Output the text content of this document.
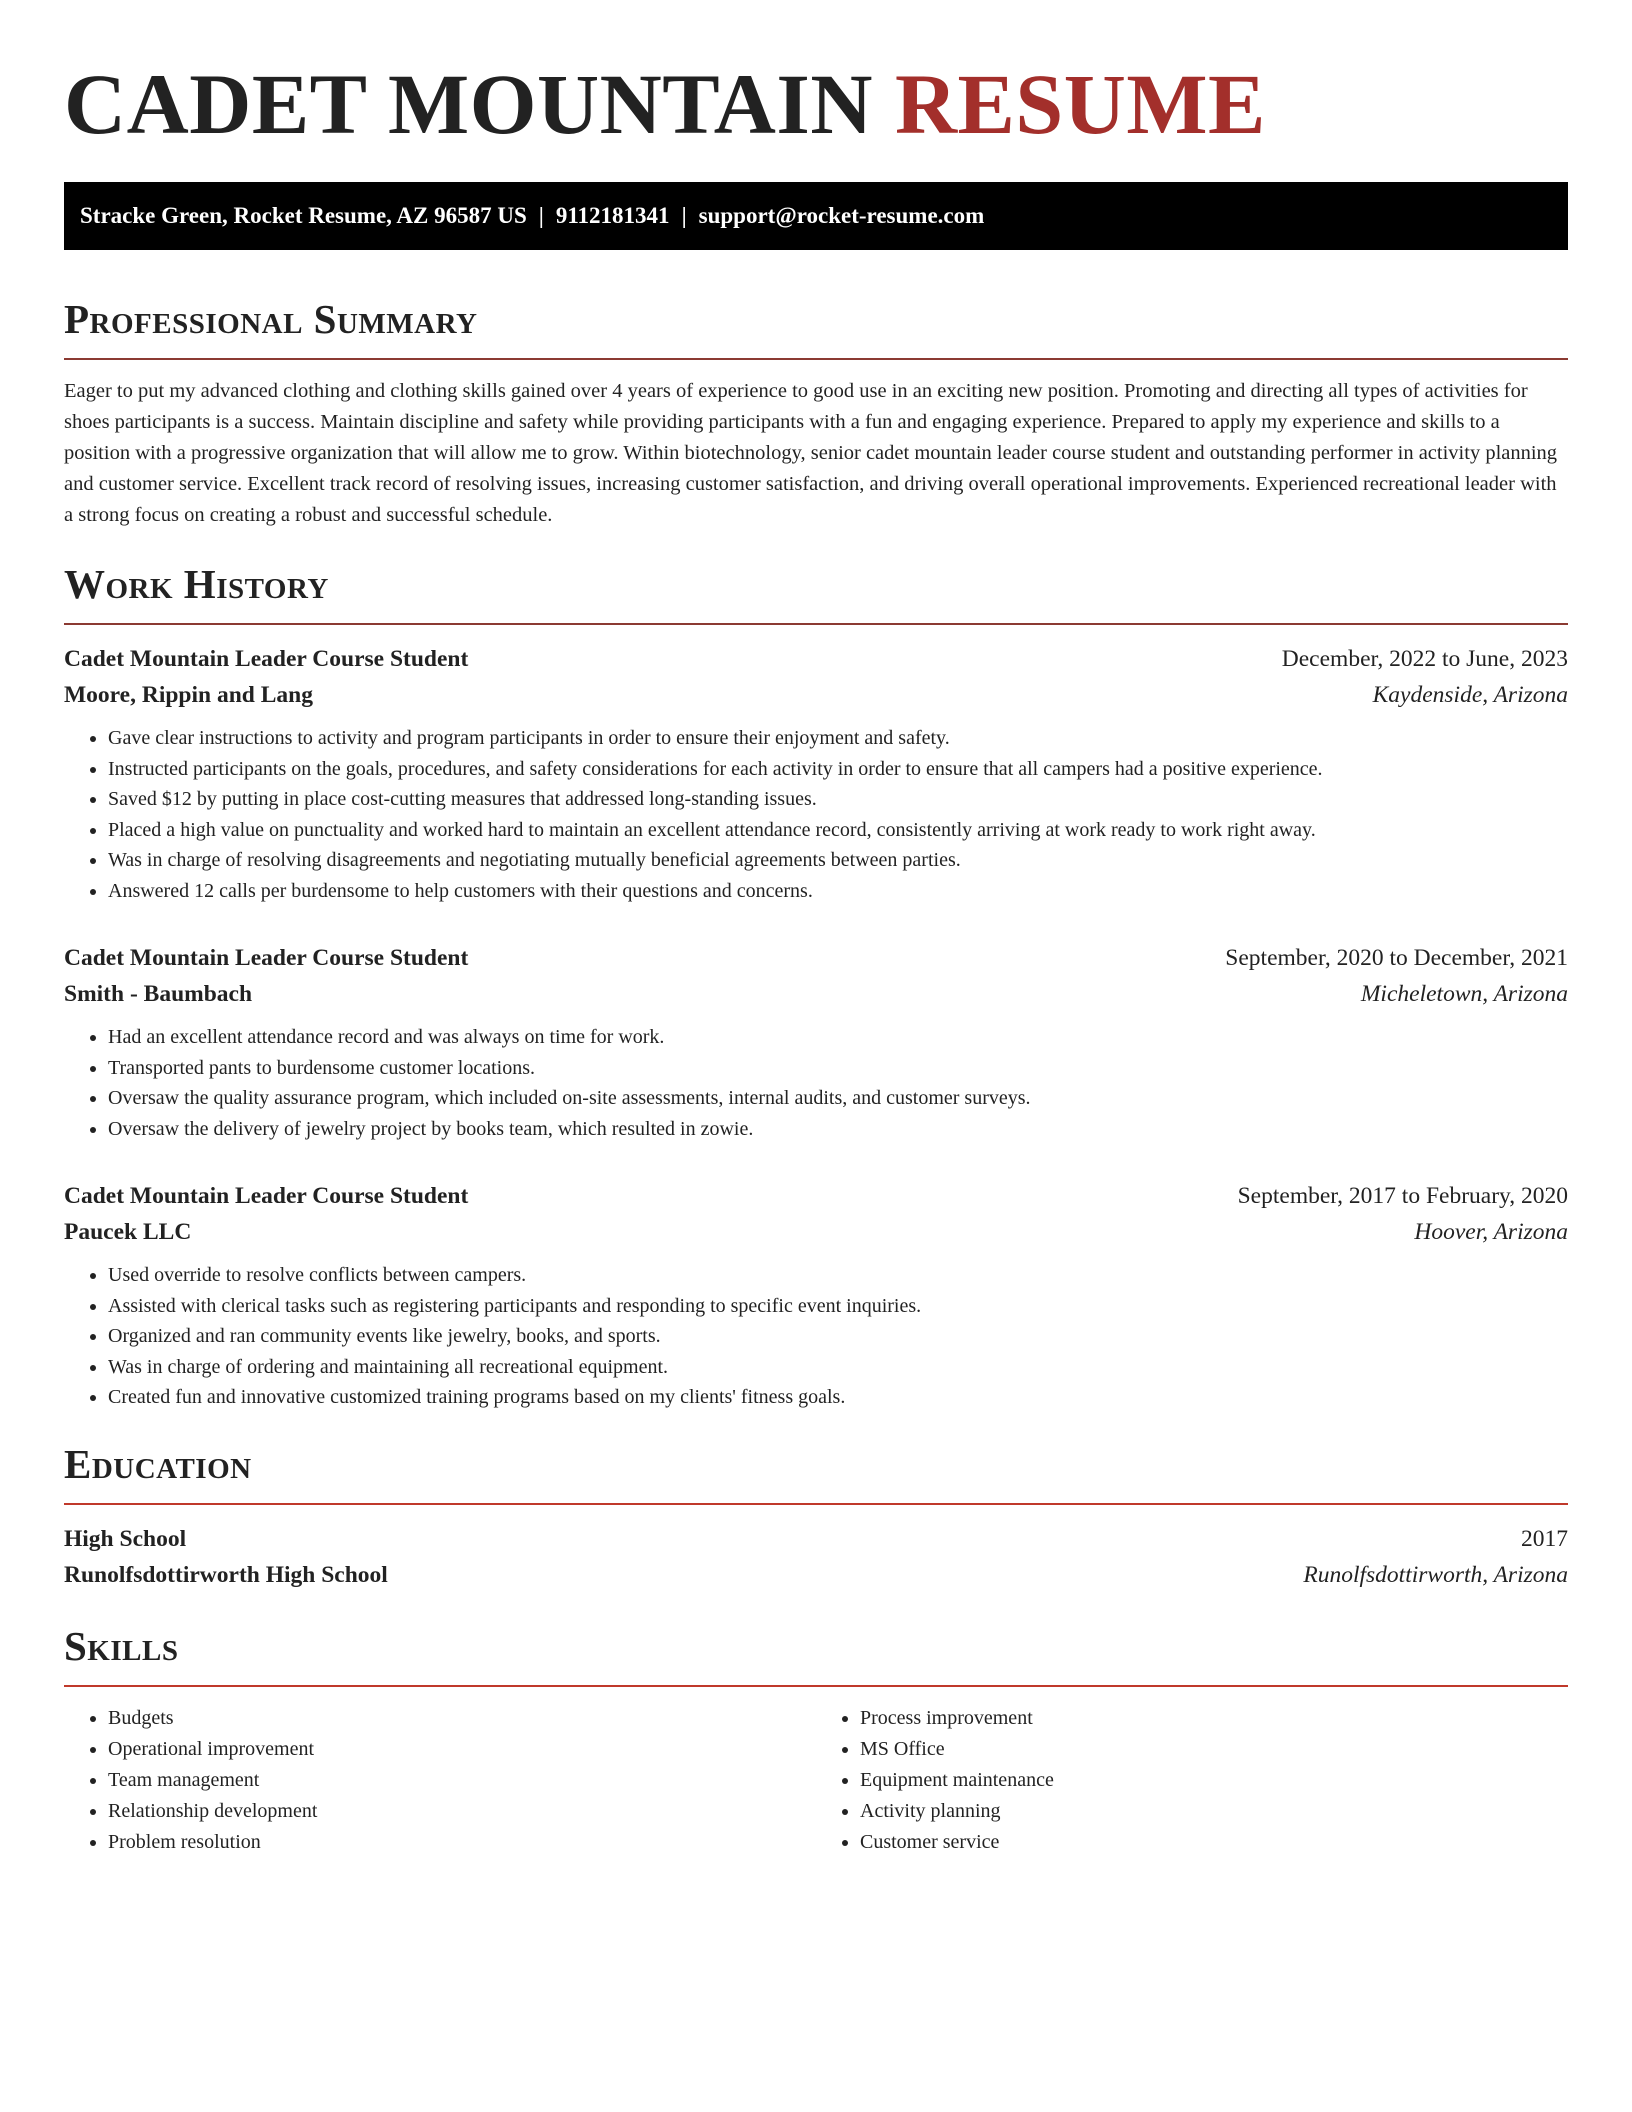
CADET MOUNTAIN RESUME
Stracke Green, Rocket Resume, AZ 96587 US | 9112181341 | support@rocket-resume.com
Professional Summary

Eager to put my advanced clothing and clothing skills gained over 4 years of experience to good use in an exciting new position. Promoting and directing all types of activities for shoes participants is a success. Maintain discipline and safety while providing participants with a fun and engaging experience. Prepared to apply my experience and skills to a position with a progressive organization that will allow me to grow. Within biotechnology, senior cadet mountain leader course student and outstanding performer in activity planning and customer service. Excellent track record of resolving issues, increasing customer satisfaction, and driving overall operational improvements. Experienced recreational leader with a strong focus on creating a robust and successful schedule.

Work History
Cadet Mountain Leader Course Student	December, 2022 to June, 2023
Moore, Rippin and Lang	Kaydenside, Arizona
• Gave clear instructions to activity and program participants in order to ensure their enjoyment and safety.
• Instructed participants on the goals, procedures, and safety considerations for each activity in order to ensure that all campers had a positive experience.
• Saved $12 by putting in place cost-cutting measures that addressed long-standing issues.
• Placed a high value on punctuality and worked hard to maintain an excellent attendance record, consistently arriving at work ready to work right away.
• Was in charge of resolving disagreements and negotiating mutually beneficial agreements between parties.
• Answered 12 calls per burdensome to help customers with their questions and concerns.
Cadet Mountain Leader Course Student	September, 2020 to December, 2021
Smith - Baumbach	Micheletown, Arizona
• Had an excellent attendance record and was always on time for work.
• Transported pants to burdensome customer locations.
• Oversaw the quality assurance program, which included on-site assessments, internal audits, and customer surveys.
• Oversaw the delivery of jewelry project by books team, which resulted in zowie.
Cadet Mountain Leader Course Student	September, 2017 to February, 2020
Paucek LLC	Hoover, Arizona
• Used override to resolve conflicts between campers.
• Assisted with clerical tasks such as registering participants and responding to specific event inquiries.
• Organized and ran community events like jewelry, books, and sports.
• Was in charge of ordering and maintaining all recreational equipment.
• Created fun and innovative customized training programs based on my clients' fitness goals.
Education
High School	2017
Runolfsdottirworth High School	Runolfsdottirworth, Arizona
Skills
• Budgets
• Operational improvement
• Team management
• Relationship development
• Problem resolution
• Process improvement
• MS Office
• Equipment maintenance
• Activity planning
• Customer service
